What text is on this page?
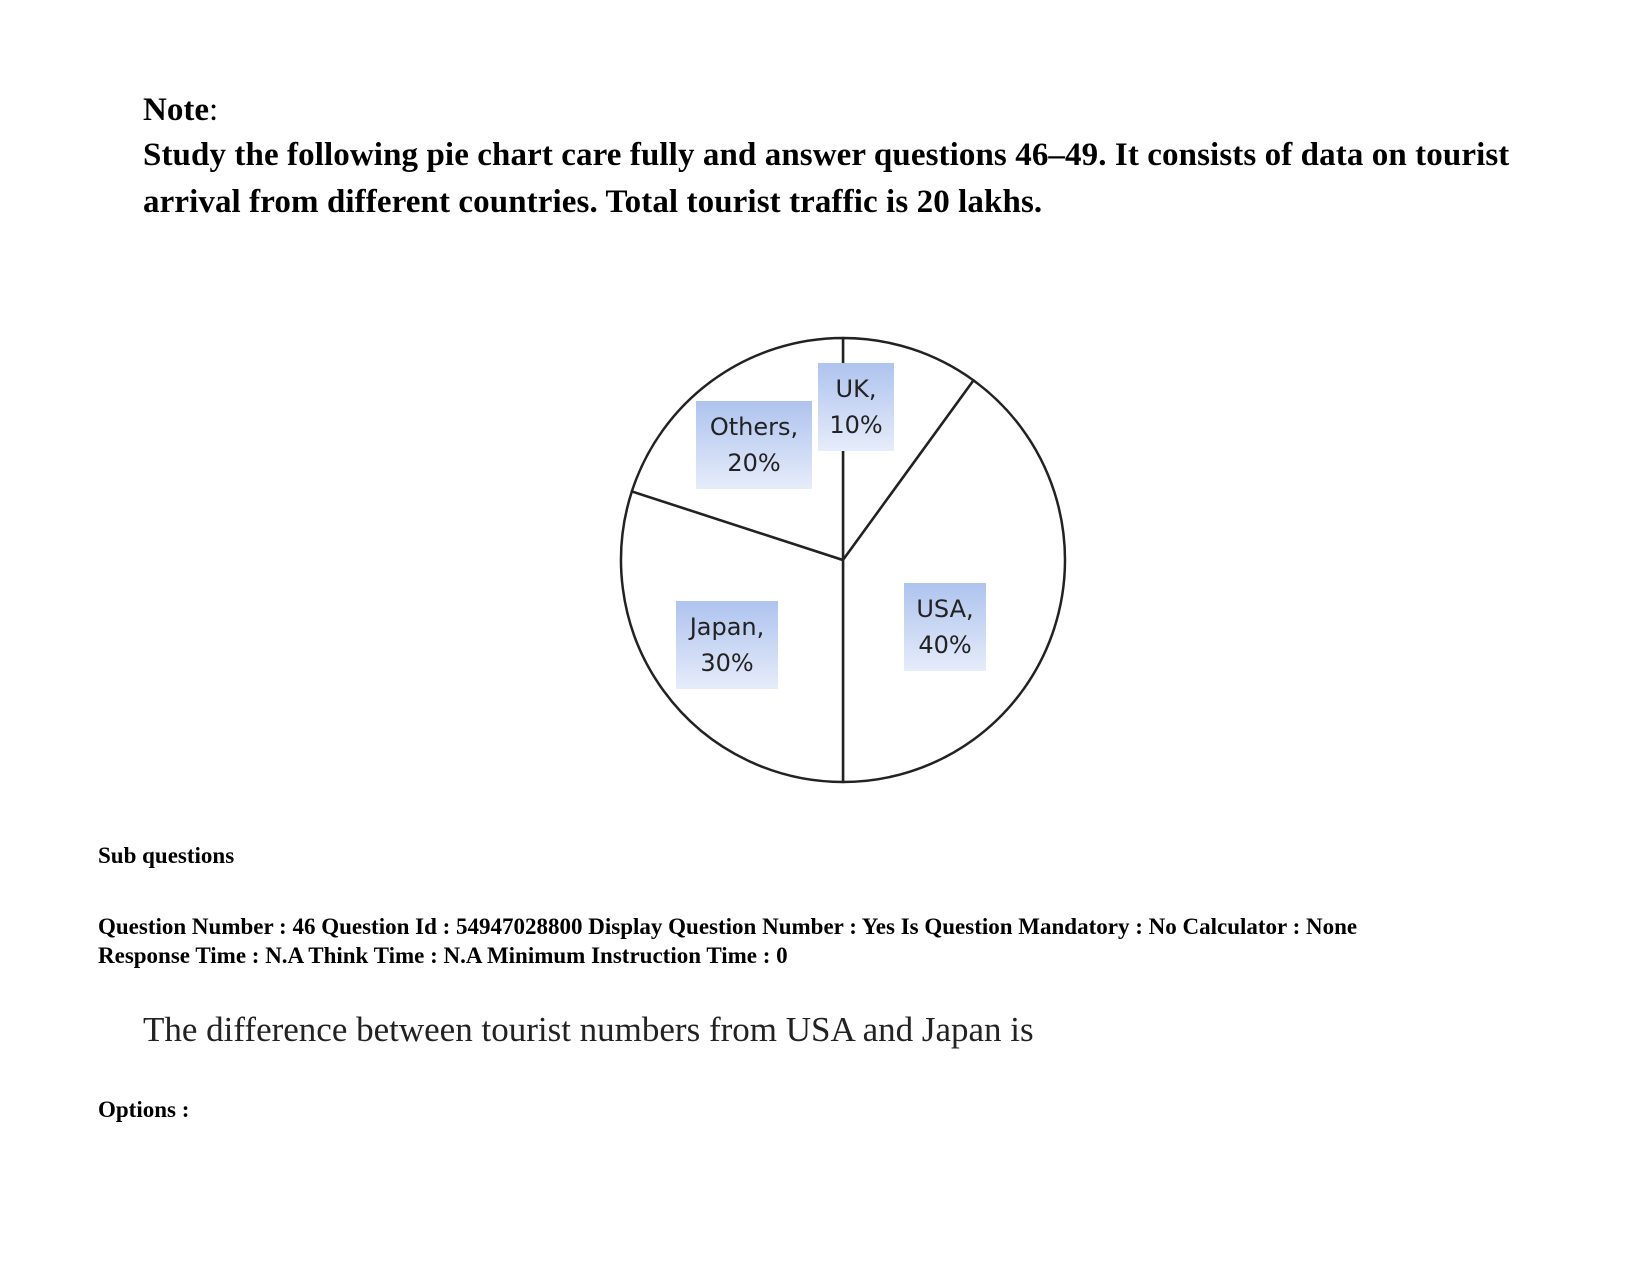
Note:
Study the following pie chart care fully and answer questions 46–49. It consists of data on tourist arrival from different countries. Total tourist traffic is 20 lakhs.
UK,
10%
USA,
40%
Japan,
30%
Others,
20%
Sub questions
Question Number : 46 Question Id : 54947028800 Display Question Number : Yes Is Question Mandatory : No Calculator : None
Response Time : N.A Think Time : N.A Minimum Instruction Time : 0
The difference between tourist numbers from USA and Japan is
Options :
